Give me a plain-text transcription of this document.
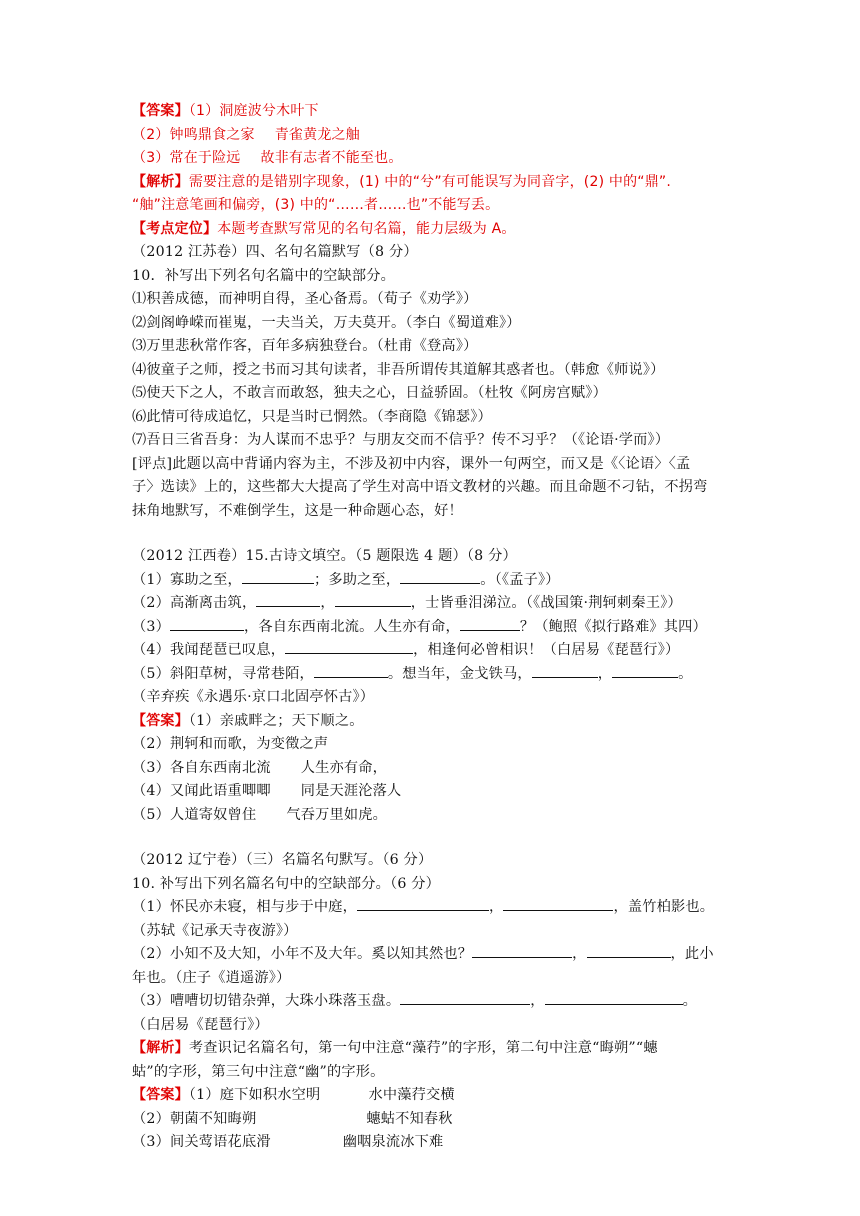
【答案】（1）洞庭波兮木叶下
（2）钟鸣鼎食之家 青雀黄龙之舳
（3）常在于险远 故非有志者不能至也。
【解析】需要注意的是错别字现象，(1) 中的“兮”有可能误写为同音字，(2) 中的“鼎”.
“舳”注意笔画和偏旁，(3) 中的“……者……也”不能写丢。
【考点定位】本题考查默写常见的名句名篇，能力层级为 A。
（2012 江苏卷）四、名句名篇默写（8 分）
10．补写出下列名句名篇中的空缺部分。
⑴积善成德，而神明自得，圣心备焉。（荀子《劝学》）
⑵剑阁峥嵘而崔嵬，一夫当关，万夫莫开。（李白《蜀道难》）
⑶万里悲秋常作客，百年多病独登台。（杜甫《登高》）
⑷彼童子之师，授之书而习其句读者，非吾所谓传其道解其惑者也。（韩愈《师说》）
⑸使天下之人，不敢言而敢怒，独夫之心，日益骄固。（杜牧《阿房宫赋》）
⑹此情可待成追忆，只是当时已惘然。（李商隐《锦瑟》）
⑺吾日三省吾身：为人谋而不忠乎？与朋友交而不信乎？传不习乎？（《论语·学而》）
[评点]此题以高中背诵内容为主，不涉及初中内容，课外一句两空，而又是《〈论语〉〈孟
子〉选读》上的，这些都大大提高了学生对高中语文教材的兴趣。而且命题不刁钻，不拐弯
抹角地默写，不难倒学生，这是一种命题心态，好！
（2012 江西卷）15.古诗文填空。（5 题限选 4 题）（8 分）
（1）寡助之至，	；多助之至，	。（《孟子》）
（2）高渐离击筑，	，	，士皆垂泪涕泣。（《战国策·荆轲刺秦王》）
（3）	，各自东西南北流。人生亦有命，	？（鲍照《拟行路难》其四）
（4）我闻琵琶已叹息，	，相逢何必曾相识！（白居易《琵琶行》）
（5）斜阳草树，寻常巷陌，	。想当年，金戈铁马，	，	。
（辛弃疾《永遇乐·京口北固亭怀古》）
【答案】（1）亲戚畔之；天下顺之。
（2）荆轲和而歌，为变徵之声
（3）各自东西南北流 人生亦有命，
（4）又闻此语重唧唧 同是天涯沦落人
（5）人道寄奴曾住 气吞万里如虎。
（2012 辽宁卷）（三）名篇名句默写。（6 分）
10. 补写出下列名篇名句中的空缺部分。（6 分）
（1）怀民亦未寝，相与步于中庭，	，	，盖竹柏影也。
（苏轼《记承天寺夜游》）
（2）小知不及大知，小年不及大年。奚以知其然也？	，	，此小
年也。（庄子《逍遥游》）
（3）嘈嘈切切错杂弹，大珠小珠落玉盘。	，	。
（白居易《琵琶行》）
【解析】考查识记名篇名句，第一句中注意“藻荇”的字形，第二句中注意“晦朔”“蟪
蛄”的字形，第三句中注意“幽”的字形。
【答案】（1）庭下如积水空明	水中藻荇交横
（2）朝菌不知晦朔	蟪蛄不知春秋
（3）间关莺语花底滑	幽咽泉流冰下难
